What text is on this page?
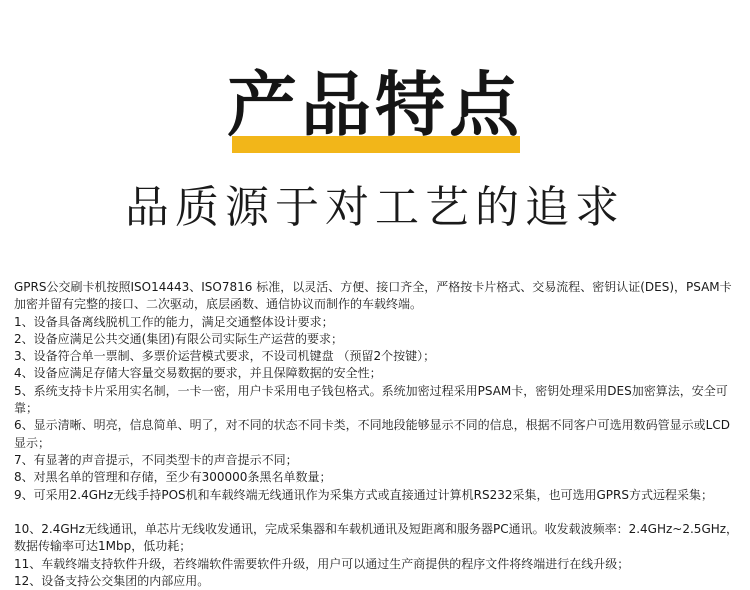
产品特点
品质源于对工艺的追求

GPRS公交刷卡机按照ISO14443、ISO7816 标准，以灵活、方便、接口齐全，严格按卡片格式、交易流程、密钥认证(DES)，PSAM卡加密并留有完整的接口、二次驱动，底层函数、通信协议而制作的车载终端。

1、设备具备离线脱机工作的能力，满足交通整体设计要求；

2、设备应满足公共交通(集团)有限公司实际生产运营的要求；

3、设备符合单一票制、多票价运营模式要求，不设司机键盘 （预留2个按键）；

4、设备应满足存储大容量交易数据的要求，并且保障数据的安全性；

5、系统支持卡片采用实名制，一卡一密，用户卡采用电子钱包格式。系统加密过程采用PSAM卡，密钥处理采用DES加密算法，安全可靠；

6、显示清晰、明亮，信息简单、明了，对不同的状态不同卡类，不同地段能够显示不同的信息，根据不同客户可选用数码管显示或LCD显示；

7、有显著的声音提示，不同类型卡的声音提示不同；

8、对黑名单的管理和存储，至少有300000条黑名单数量；

9、可采用2.4GHz无线手持POS机和车载终端无线通讯作为采集方式或直接通过计算机RS232采集，也可选用GPRS方式远程采集；

10、2.4GHz无线通讯，单芯片无线收发通讯，完成采集器和车载机通讯及短距离和服务器PC通讯。收发载波频率：2.4GHz~2.5GHz，数据传输率可达1Mbp，低功耗；

11、车载终端支持软件升级，若终端软件需要软件升级，用户可以通过生产商提供的程序文件将终端进行在线升级；

12、设备支持公交集团的内部应用。
